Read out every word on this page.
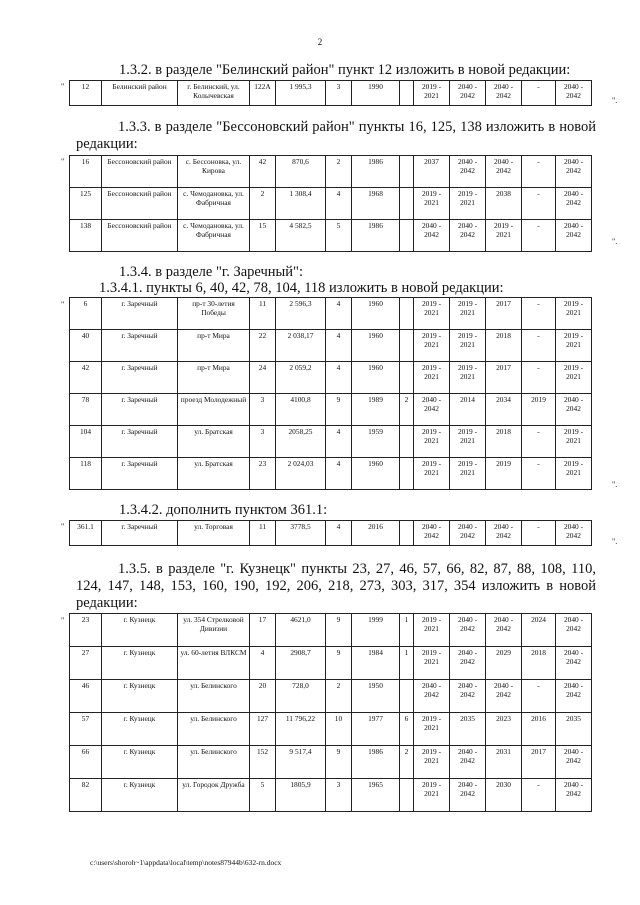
2
1.3.2. в разделе "Белинский район" пункт 12 изложить в новой редакции:
" 12	Белинский район	г. Белинский, ул. Колычевская	122А	1 995,3	3	1990		2019 - 2021	2040 - 2042	2040 - 2042	-	2040 - 2042
".
1.3.3. в разделе "Бессоновский район" пункты 16, 125, 138 изложить в новой редакции:
" 16	Бессоновский район	с. Бессоновка, ул. Кирова	42	870,6	2	1986		2037	2040 - 2042	2040 - 2042	-	2040 - 2042
125	Бессоновский район	с. Чемодановка, ул. Фабричная	2	1 308,4	4	1968		2019 - 2021	2019 - 2021	2038	-	2040 - 2042
138	Бессоновский район	с. Чемодановка, ул. Фабричная	15	4 582,5	5	1986		2040 - 2042	2040 - 2042	2019 - 2021	-	2040 - 2042
".
1.3.4. в разделе "г. Заречный":
1.3.4.1. пункты 6, 40, 42, 78, 104, 118 изложить в новой редакции:
"	6	г. Заречный	пр-т 30-летия Победы	11	2 596,3	4	1960		2019 - 2021	2019 - 2021	2017	-	2019 - 2021
40	г. Заречный	пр-т Мира	22	2 038,17	4	1960		2019 - 2021	2019 - 2021	2018	-	2019 - 2021
42	г. Заречный	пр-т Мира	24	2 059,2	4	1960		2019 - 2021	2019 - 2021	2017	-	2019 - 2021
78	г. Заречный	проезд Молодежный	3	4100,8	9	1989	2	2040 - 2042	2014	2034	2019	2040 - 2042
104	г. Заречный	ул. Братская	3	2058,25	4	1959		2019 - 2021	2019 - 2021	2018	-	2019 - 2021
118	г. Заречный	ул. Братская	23	2 024,03	4	1960		2019 - 2021	2019 - 2021	2019	-	2019 - 2021
".
1.3.4.2. дополнить пунктом 361.1:
" 361.1	г. Заречный	ул. Торговая	11	3778,5	4	2016		2040 - 2042	2040 - 2042	2040 - 2042	-	2040 - 2042
".
1.3.5. в разделе "г. Кузнецк" пункты 23, 27, 46, 57, 66, 82, 87, 88, 108, 110, 124, 147, 148, 153, 160, 190, 192, 206, 218, 273, 303, 317, 354 изложить в новой редакции:
" 23	г. Кузнецк	ул. 354 Стрелковой Дивизии	17	4621,0	9	1999	1	2019 - 2021	2040 - 2042	2040 - 2042	2024	2040 - 2042
27	г. Кузнецк	ул. 60-летия ВЛКСМ	4	2908,7	9	1984	1	2019 - 2021	2040 - 2042	2029	2018	2040 - 2042
46	г. Кузнецк	ул. Белинского	20	728,0	2	1950		2040 - 2042	2040 - 2042	2040 - 2042	-	2040 - 2042
57	г. Кузнецк	ул. Белинского	127	11 796,22	10	1977	6	2019 - 2021	2035	2023	2016	2035
66	г. Кузнецк	ул. Белинского	152	9 517,4	9	1986	2	2019 - 2021	2040 - 2042	2031	2017	2040 - 2042
82	г. Кузнецк	ул. Городок Дружба	5	1805,9	3	1965		2019 - 2021	2040 - 2042	2030	-	2040 - 2042
c:\users\shoroh~1\appdata\local\temp\notes87944b\632-rn.docx
